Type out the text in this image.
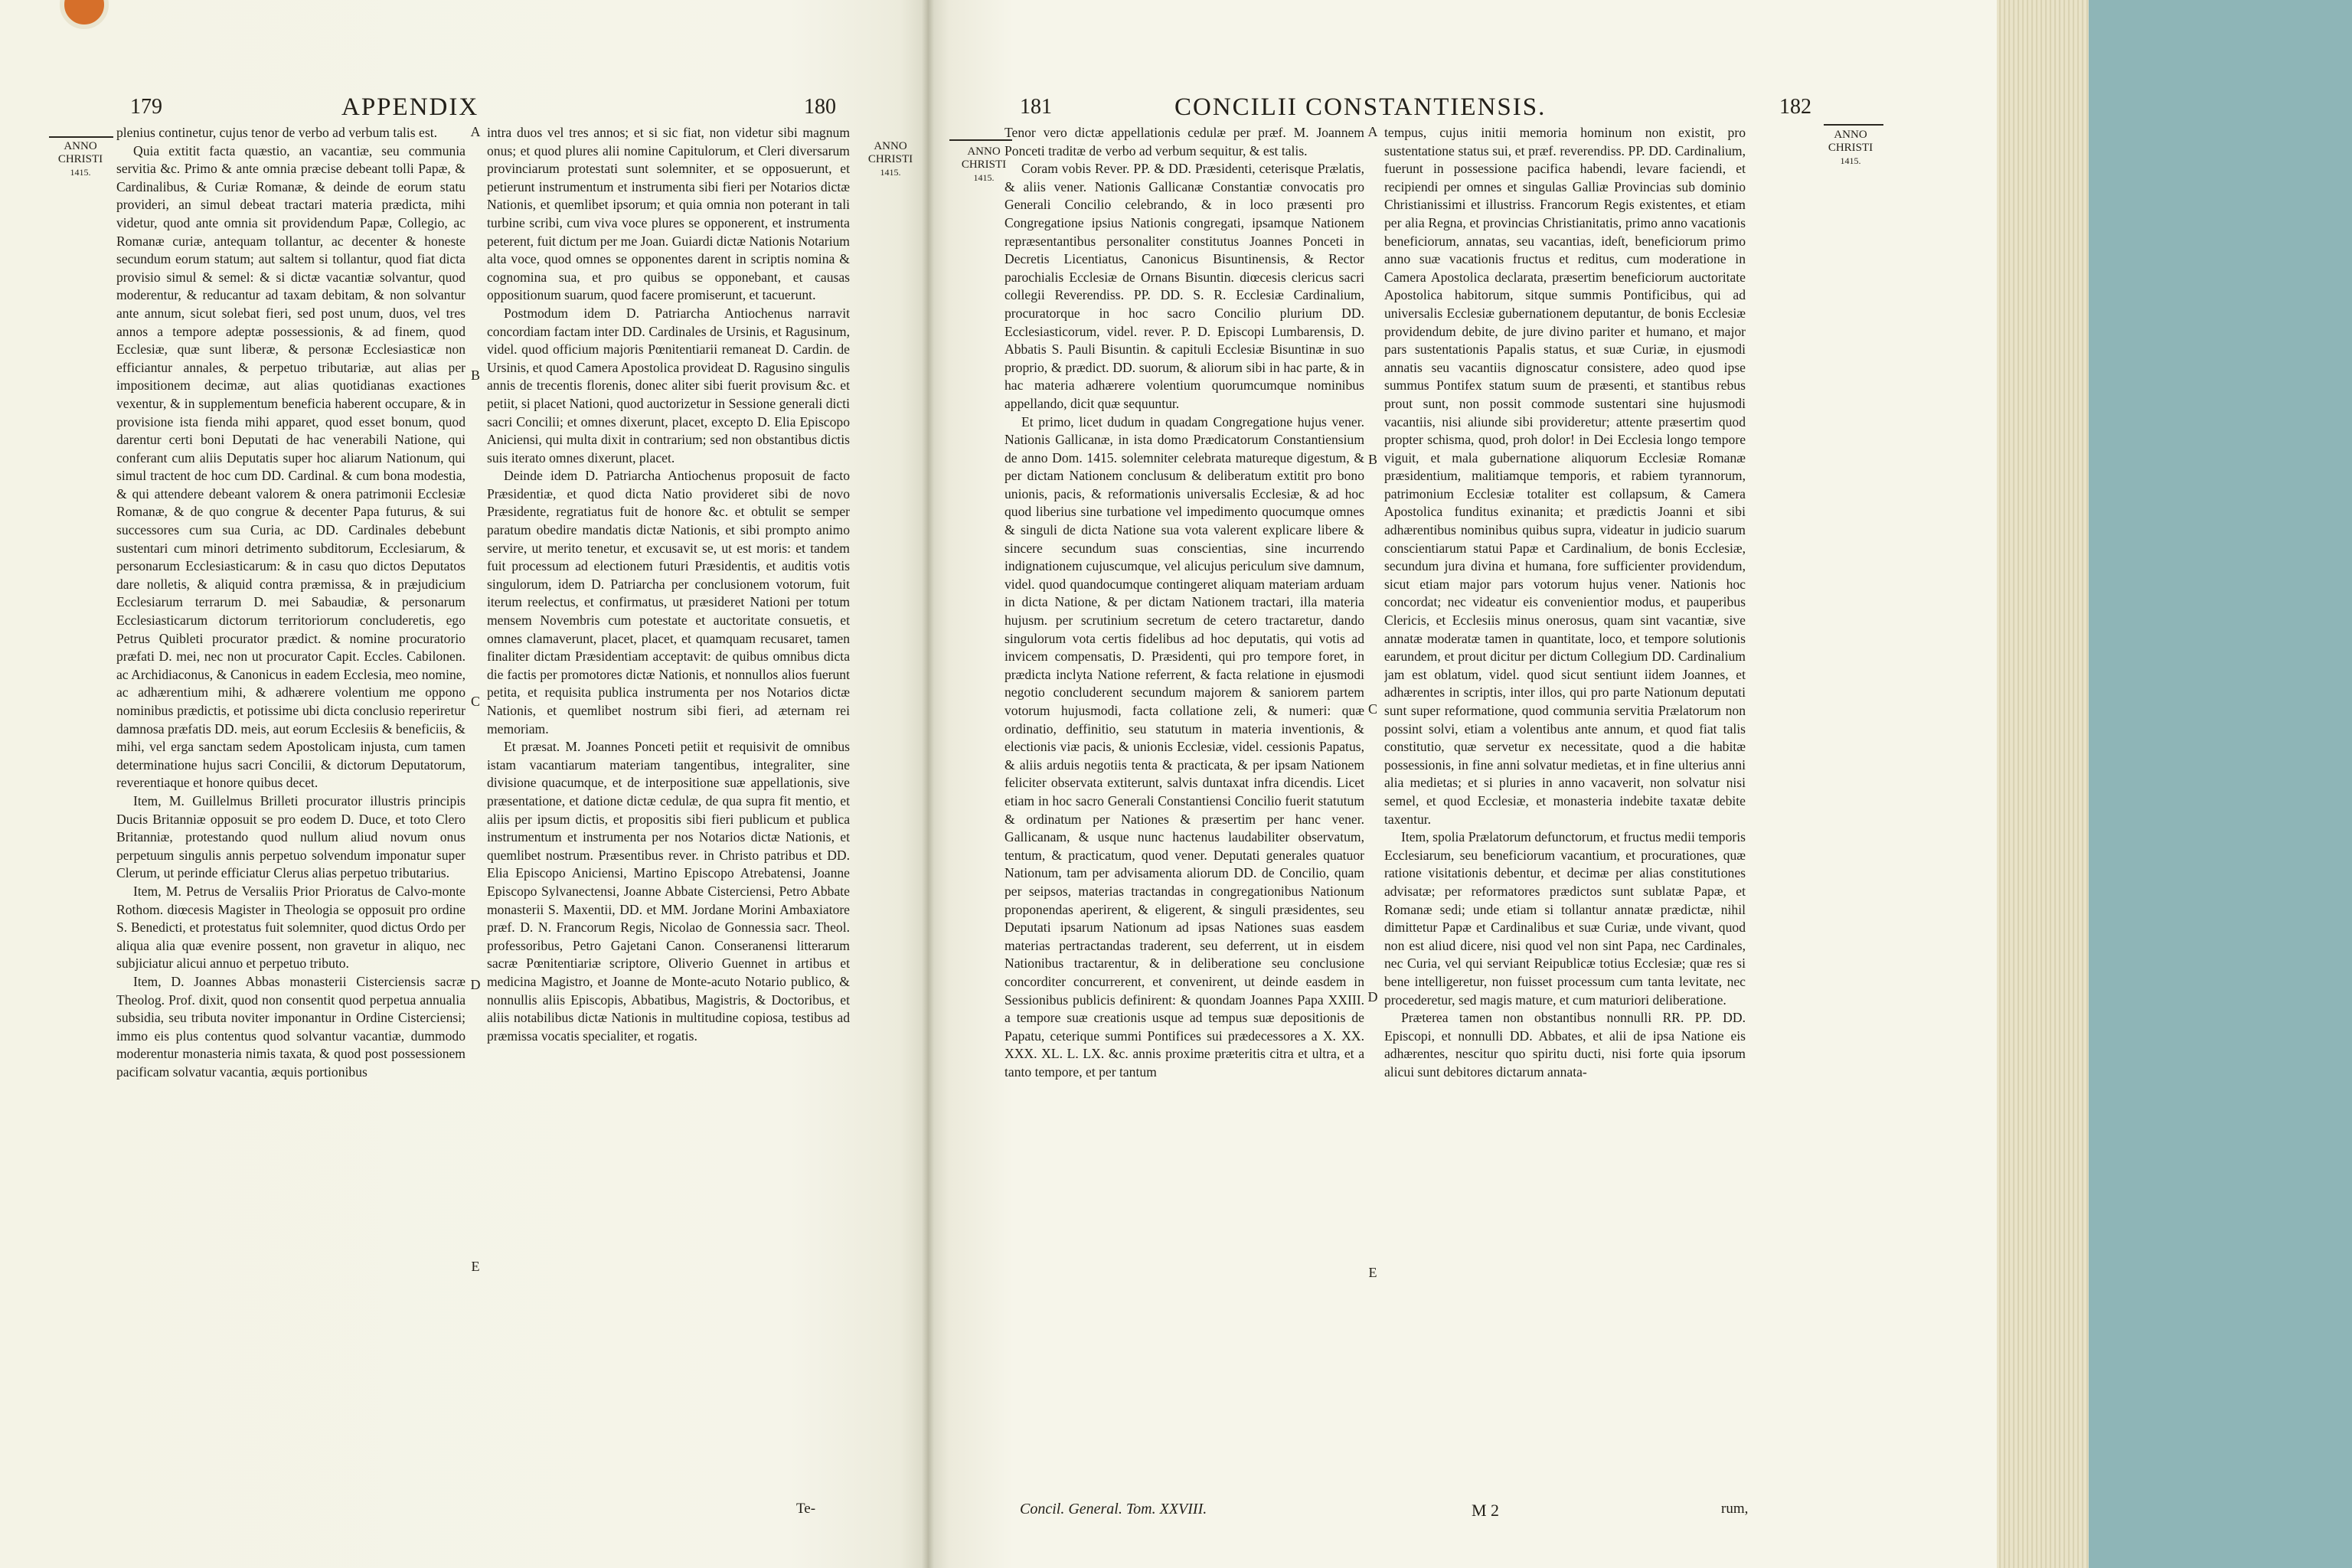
179	APPENDIX	180
ANNO CHRISTI
1415.
ANNO CHRISTI
1415.

plenius continetur, cujus tenor de verbo ad verbum talis est.

Quia extitit facta quæstio, an vacantiæ, seu communia servitia &c. Primo & ante omnia præcise debeant tolli Papæ, & Cardinalibus, & Curiæ Romanæ, & deinde de eorum statu provideri, an simul debeat tractari materia prædicta, mihi videtur, quod ante omnia sit providendum Papæ, Collegio, ac Romanæ curiæ, antequam tollantur, ac decenter & honeste secundum eorum statum; aut saltem si tollantur, quod fiat dicta provisio simul & semel: & si dictæ vacantiæ solvantur, quod moderentur, & reducantur ad taxam debitam, & non solvantur ante annum, sicut solebat fieri, sed post unum, duos, vel tres annos a tempore adeptæ possessionis, & ad finem, quod Ecclesiæ, quæ sunt liberæ, & personæ Ecclesiasticæ non efficiantur annales, & perpetuo tributariæ, aut alias per impositionem decimæ, aut alias quotidianas exactiones vexentur, & in supplementum beneficia haberent occupare, & in provisione ista fienda mihi apparet, quod esset bonum, quod darentur certi boni Deputati de hac venerabili Natione, qui conferant cum aliis Deputatis super hoc aliarum Nationum, qui simul tractent de hoc cum DD. Cardinal. & cum bona modestia, & qui attendere debeant valorem & onera patrimonii Ecclesiæ Romanæ, & de quo congrue & decenter Papa futurus, & sui successores cum sua Curia, ac DD. Cardinales debebunt sustentari cum minori detrimento subditorum, Ecclesiarum, & personarum Ecclesiasticarum: & in casu quo dictos Deputatos dare nolletis, & aliquid contra præmissa, & in præjudicium Ecclesiarum terrarum D. mei Sabaudiæ, & personarum Ecclesiasticarum dictorum territoriorum concluderetis, ego Petrus Quibleti procurator prædict. & nomine procuratorio præfati D. mei, nec non ut procurator Capit. Eccles. Cabilonen. ac Archidiaconus, & Canonicus in eadem Ecclesia, meo nomine, ac adhærentium mihi, & adhærere volentium me oppono nominibus prædictis, et potissime ubi dicta conclusio reperiretur damnosa præfatis DD. meis, aut eorum Ecclesiis & beneficiis, & mihi, vel erga sanctam sedem Apostolicam injusta, cum tamen determinatione hujus sacri Concilii, & dictorum Deputatorum, reverentiaque et honore quibus decet.

Item, M. Guillelmus Brilleti procurator illustris principis Ducis Britanniæ opposuit se pro eodem D. Duce, et toto Clero Britanniæ, protestando quod nullum aliud novum onus perpetuum singulis annis perpetuo solvendum imponatur super Clerum, ut perinde efficiatur Clerus alias perpetuo tributarius.

Item, M. Petrus de Versaliis Prior Prioratus de Calvo-monte Rothom. diœcesis Magister in Theologia se opposuit pro ordine S. Benedicti, et protestatus fuit solemniter, quod dictus Ordo per aliqua alia quæ evenire possent, non gravetur in aliquo, nec subjiciatur alicui annuo et perpetuo tributo.

Item, D. Joannes Abbas monasterii Cisterciensis sacræ Theolog. Prof. dixit, quod non consentit quod perpetua annualia subsidia, seu tributa noviter imponantur in Ordine Cisterciensi; immo eis plus contentus quod solvantur vacantiæ, dummodo moderentur monasteria nimis taxata, & quod post possessionem pacificam solvatur vacantia, æquis portionibus

A
B
C
D
E

intra duos vel tres annos; et si sic fiat, non videtur sibi magnum onus; et quod plures alii nomine Capitulorum, et Cleri diversarum provinciarum protestati sunt solemniter, et se opposuerunt, et petierunt instrumentum et instrumenta sibi fieri per Notarios dictæ Nationis, et quemlibet ipsorum; et quia omnia non poterant in tali turbine scribi, cum viva voce plures se opponerent, et instrumenta peterent, fuit dictum per me Joan. Guiardi dictæ Nationis Notarium alta voce, quod omnes se opponentes darent in scriptis nomina & cognomina sua, et pro quibus se opponebant, et causas oppositionum suarum, quod facere promiserunt, et tacuerunt.

Postmodum idem D. Patriarcha Antiochenus narravit concordiam factam inter DD. Cardinales de Ursinis, et Ragusinum, videl. quod officium majoris Pœnitentiarii remaneat D. Cardin. de Ursinis, et quod Camera Apostolica provideat D. Ragusino singulis annis de trecentis florenis, donec aliter sibi fuerit provisum &c. et petiit, si placet Nationi, quod auctorizetur in Sessione generali dicti sacri Concilii; et omnes dixerunt, placet, excepto D. Elia Episcopo Aniciensi, qui multa dixit in contrarium; sed non obstantibus dictis suis iterato omnes dixerunt, placet.

Deinde idem D. Patriarcha Antiochenus proposuit de facto Præsidentiæ, et quod dicta Natio provideret sibi de novo Præsidente, regratiatus fuit de honore &c. et obtulit se semper paratum obedire mandatis dictæ Nationis, et sibi prompto animo servire, ut merito tenetur, et excusavit se, ut est moris: et tandem fuit processum ad electionem futuri Præsidentis, et auditis votis singulorum, idem D. Patriarcha per conclusionem votorum, fuit iterum reelectus, et confirmatus, ut præsideret Nationi per totum mensem Novembris cum potestate et auctoritate consuetis, et omnes clamaverunt, placet, placet, et quamquam recusaret, tamen finaliter dictam Præsidentiam acceptavit: de quibus omnibus dicta die factis per promotores dictæ Nationis, et nonnullos alios fuerunt petita, et requisita publica instrumenta per nos Notarios dictæ Nationis, et quemlibet nostrum sibi fieri, ad æternam rei memoriam.

Et præsat. M. Joannes Ponceti petiit et requisivit de omnibus istam vacantiarum materiam tangentibus, integraliter, sine divisione quacumque, et de interpositione suæ appellationis, sive præsentatione, et datione dictæ cedulæ, de qua supra fit mentio, et aliis per ipsum dictis, et propositis sibi fieri publicum et publica instrumentum et instrumenta per nos Notarios dictæ Nationis, et quemlibet nostrum. Præsentibus rever. in Christo patribus et DD. Elia Episcopo Aniciensi, Martino Episcopo Atrebatensi, Joanne Episcopo Sylvanectensi, Joanne Abbate Cisterciensi, Petro Abbate monasterii S. Maxentii, DD. et MM. Jordane Morini Ambaxiatore præf. D. N. Francorum Regis, Nicolao de Gonnessia sacr. Theol. professoribus, Petro Gajetani Canon. Conseranensi litterarum sacræ Pœnitentiariæ scriptore, Oliverio Guennet in artibus et medicina Magistro, et Joanne de Monte-acuto Notario publico, & nonnullis aliis Episcopis, Abbatibus, Magistris, & Doctoribus, et aliis notabilibus dictæ Nationis in multitudine copiosa, testibus ad præmissa vocatis specialiter, et rogatis.

Te-
181	CONCILII CONSTANTIENSIS.	182
ANNO CHRISTI
1415.
ANNO CHRISTI
1415.

Tenor vero dictæ appellationis cedulæ per præf. M. Joannem Ponceti traditæ de verbo ad verbum sequitur, & est talis.

Coram vobis Rever. PP. & DD. Præsidenti, ceterisque Prælatis, & aliis vener. Nationis Gallicanæ Constantiæ convocatis pro Generali Concilio celebrando, & in loco præsenti pro Congregatione ipsius Nationis congregati, ipsamque Nationem repræsentantibus personaliter constitutus Joannes Ponceti in Decretis Licentiatus, Canonicus Bisuntinensis, & Rector parochialis Ecclesiæ de Ornans Bisuntin. diœcesis clericus sacri collegii Reverendiss. PP. DD. S. R. Ecclesiæ Cardinalium, procuratorque in hoc sacro Concilio plurium DD. Ecclesiasticorum, videl. rever. P. D. Episcopi Lumbarensis, D. Abbatis S. Pauli Bisuntin. & capituli Ecclesiæ Bisuntinæ in suo proprio, & prædict. DD. suorum, & aliorum sibi in hac parte, & in hac materia adhærere volentium quorumcumque nominibus appellando, dicit quæ sequuntur.

Et primo, licet dudum in quadam Congregatione hujus vener. Nationis Gallicanæ, in ista domo Prædicatorum Constantiensium de anno Dom. 1415. solemniter celebrata matureque digestum, & per dictam Nationem conclusum & deliberatum extitit pro bono unionis, pacis, & reformationis universalis Ecclesiæ, & ad hoc quod liberius sine turbatione vel impedimento quocumque omnes & singuli de dicta Natione sua vota valerent explicare libere & sincere secundum suas conscientias, sine incurrendo indignationem cujuscumque, vel alicujus periculum sive damnum, videl. quod quandocumque contingeret aliquam materiam arduam in dicta Natione, & per dictam Nationem tractari, illa materia hujusm. per scrutinium secretum de cetero tractaretur, dando singulorum vota certis fidelibus ad hoc deputatis, qui votis ad invicem compensatis, D. Præsidenti, qui pro tempore foret, in prædicta inclyta Natione referrent, & facta relatione in ejusmodi negotio concluderent secundum majorem & saniorem partem votorum hujusmodi, facta collatione zeli, & numeri: quæ ordinatio, deffinitio, seu statutum in materia inventionis, & electionis viæ pacis, & unionis Ecclesiæ, videl. cessionis Papatus, & aliis arduis negotiis tenta & practicata, & per ipsam Nationem feliciter observata extiterunt, salvis duntaxat infra dicendis. Licet etiam in hoc sacro Generali Constantiensi Concilio fuerit statutum & ordinatum per Nationes & præsertim per hanc vener. Gallicanam, & usque nunc hactenus laudabiliter observatum, tentum, & practicatum, quod vener. Deputati generales quatuor Nationum, tam per advisamenta aliorum DD. de Concilio, quam per seipsos, materias tractandas in congregationibus Nationum proponendas aperirent, & eligerent, & singuli præsidentes, seu Deputati ipsarum Nationum ad ipsas Nationes suas easdem materias pertractandas traderent, seu deferrent, ut in eisdem Nationibus tractarentur, & in deliberatione seu conclusione concorditer concurrerent, et convenirent, ut deinde easdem in Sessionibus publicis definirent: & quondam Joannes Papa XXIII. a tempore suæ creationis usque ad tempus suæ depositionis de Papatu, ceterique summi Pontifices sui prædecessores a X. XX. XXX. XL. L. LX. &c. annis proxime præteritis citra et ultra, et a tanto tempore, et per tantum

A
B
C
D
E

tempus, cujus initii memoria hominum non existit, pro sustentatione status sui, et præf. reverendiss. PP. DD. Cardinalium, fuerunt in possessione pacifica habendi, levare faciendi, et recipiendi per omnes et singulas Galliæ Provincias sub dominio Christianissimi et illustriss. Francorum Regis existentes, et etiam per alia Regna, et provincias Christianitatis, primo anno vacationis beneficiorum, annatas, seu vacantias, ideſt, beneficiorum primo anno suæ vacationis fructus et reditus, cum moderatione in Camera Apostolica declarata, præsertim beneficiorum auctoritate Apostolica habitorum, sitque summis Pontificibus, qui ad universalis Ecclesiæ gubernationem deputantur, de bonis Ecclesiæ providendum debite, de jure divino pariter et humano, et major pars sustentationis Papalis status, et suæ Curiæ, in ejusmodi annatis seu vacantiis dignoscatur consistere, adeo quod ipse summus Pontifex statum suum de præsenti, et stantibus rebus prout sunt, non possit commode sustentari sine hujusmodi vacantiis, nisi aliunde sibi provideretur; attente præsertim quod propter schisma, quod, proh dolor! in Dei Ecclesia longo tempore viguit, et mala gubernatione aliquorum Ecclesiæ Romanæ præsidentium, malitiamque temporis, et rabiem tyrannorum, patrimonium Ecclesiæ totaliter est collapsum, & Camera Apostolica funditus exinanita; et prædictis Joanni et sibi adhærentibus nominibus quibus supra, videatur in judicio suarum conscientiarum statui Papæ et Cardinalium, de bonis Ecclesiæ, secundum jura divina et humana, fore sufficienter providendum, sicut etiam major pars votorum hujus vener. Nationis hoc concordat; nec videatur eis convenientior modus, et pauperibus Clericis, et Ecclesiis minus onerosus, quam sint vacantiæ, sive annatæ moderatæ tamen in quantitate, loco, et tempore solutionis earundem, et prout dicitur per dictum Collegium DD. Cardinalium jam est oblatum, videl. quod sicut sentiunt iidem Joannes, et adhærentes in scriptis, inter illos, qui pro parte Nationum deputati sunt super reformatione, quod communia servitia Prælatorum non possint solvi, etiam a volentibus ante annum, et quod fiat talis constitutio, quæ servetur ex necessitate, quod a die habitæ possessionis, in fine anni solvatur medietas, et in fine ulterius anni alia medietas; et si pluries in anno vacaverit, non solvatur nisi semel, et quod Ecclesiæ, et monasteria indebite taxatæ debite taxentur.

Item, spolia Prælatorum defunctorum, et fructus medii temporis Ecclesiarum, seu beneficiorum vacantium, et procurationes, quæ ratione visitationis debentur, et decimæ per alias constitutiones advisatæ; per reformatores prædictos sunt sublatæ Papæ, et Romanæ sedi; unde etiam si tollantur annatæ prædictæ, nihil dimittetur Papæ et Cardinalibus et suæ Curiæ, unde vivant, quod non est aliud dicere, nisi quod vel non sint Papa, nec Cardinales, nec Curia, vel qui serviant Reipublicæ totius Ecclesiæ; quæ res si bene intelligeretur, non fuisset processum cum tanta levitate, nec procederetur, sed magis mature, et cum maturiori deliberatione.

Præterea tamen non obstantibus nonnulli RR. PP. DD. Episcopi, et nonnulli DD. Abbates, et alii de ipsa Natione eis adhærentes, nescitur quo spiritu ducti, nisi forte quia ipsorum alicui sunt debitores dictarum annata-

Concil. General. Tom. XXVIII.	M 2	rum,
